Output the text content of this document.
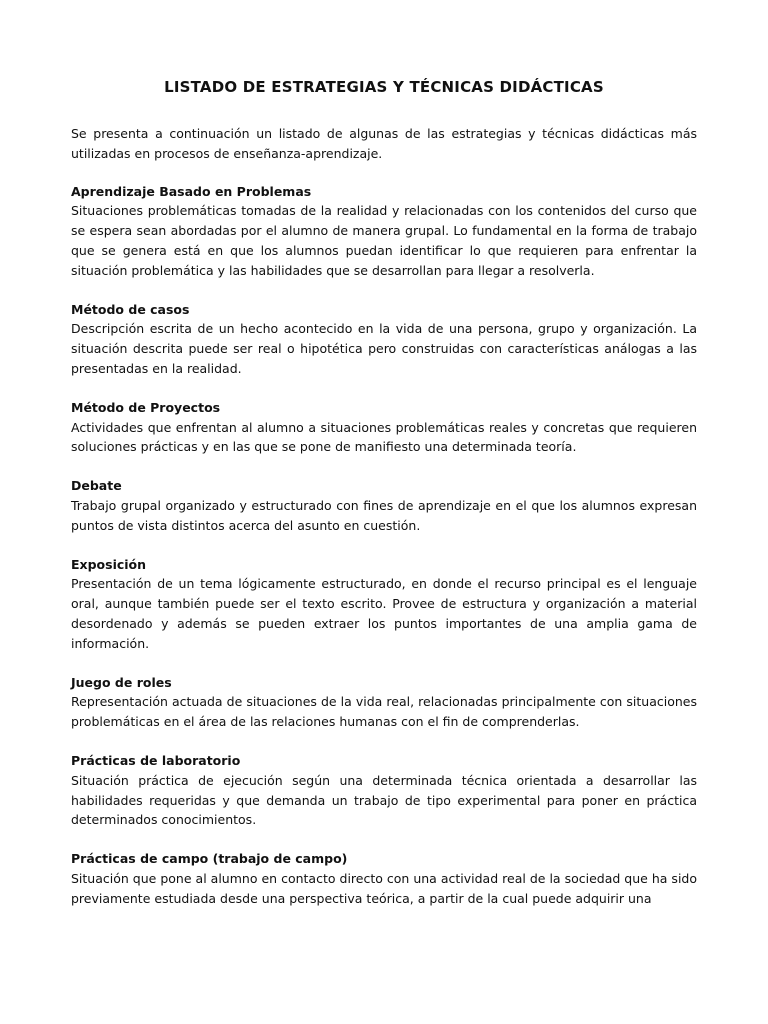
LISTADO DE ESTRATEGIAS Y TÉCNICAS DIDÁCTICAS

Se presenta a continuación un listado de algunas de las estrategias y técnicas didácticas más utilizadas en procesos de enseñanza-aprendizaje.

Aprendizaje Basado en Problemas

Situaciones problemáticas tomadas de la realidad y relacionadas con los contenidos del curso que se espera sean abordadas por el alumno de manera grupal. Lo fundamental en la forma de trabajo que se genera está en que los alumnos puedan identificar lo que requieren para enfrentar la situación problemática y las habilidades que se desarrollan para llegar a resolverla.

Método de casos

Descripción escrita de un hecho acontecido en la vida de una persona, grupo y organización. La situación descrita puede ser real o hipotética pero construidas con características análogas a las presentadas en la realidad.

Método de Proyectos

Actividades que enfrentan al alumno a situaciones problemáticas reales y concretas que requieren soluciones prácticas y en las que se pone de manifiesto una determinada teoría.

Debate

Trabajo grupal organizado y estructurado con fines de aprendizaje en el que los alumnos expresan puntos de vista distintos acerca del asunto en cuestión.

Exposición

Presentación de un tema lógicamente estructurado, en donde el recurso principal es el lenguaje oral, aunque también puede ser el texto escrito. Provee de estructura y organización a material desordenado y además se pueden extraer los puntos importantes de una amplia gama de información.

Juego de roles

Representación actuada de situaciones de la vida real, relacionadas principalmente con situaciones problemáticas en el área de las relaciones humanas con el fin de comprenderlas.

Prácticas de laboratorio

Situación práctica de ejecución según una determinada técnica orientada a desarrollar las habilidades requeridas y que demanda un trabajo de tipo experimental para poner en práctica determinados conocimientos.

Prácticas de campo (trabajo de campo)

Situación que pone al alumno en contacto directo con una actividad real de la sociedad que ha sido previamente estudiada desde una perspectiva teórica, a partir de la cual puede adquirir una
